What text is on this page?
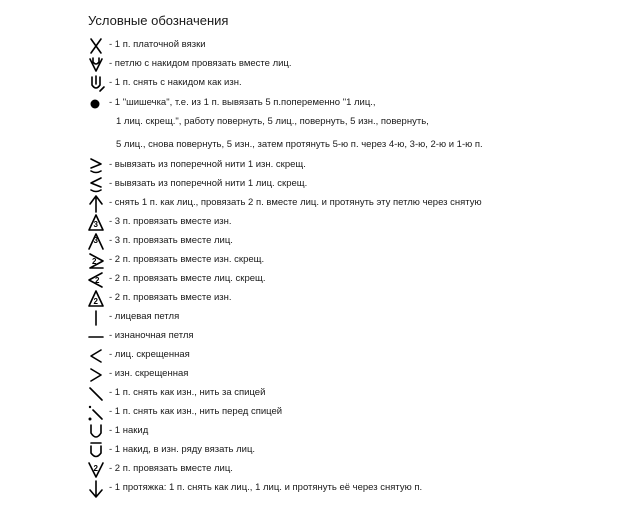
Условные обозначения
- 1 п. платочной вязки
- петлю с накидом провязать вместе лиц.
- 1 п. снять с накидом как изн.
- 1 "шишечка", т.е. из 1 п. вывязать 5 п.попеременно "1 лиц.,
1 лиц. скрещ.", работу повернуть, 5 лиц., повернуть, 5 изн., повернуть,
5 лиц., снова повернуть, 5 изн., затем протянуть 5-ю п. через 4-ю, 3-ю, 2-ю и 1-ю п.
- вывязать из поперечной нити 1 изн. скрещ.
- вывязать из поперечной нити 1 лиц. скрещ.
- снять 1 п. как лиц., провязать 2 п. вместе лиц. и протянуть эту петлю через снятую
3 - 3 п. провязать вместе изн.
3 - 3 п. провязать вместе лиц.
2 - 2 п. провязать вместе изн. скрещ.
2 - 2 п. провязать вместе лиц. скрещ.
2 - 2 п. провязать вместе изн.
- лицевая петля
- изнаночная петля
- лиц. скрещенная
- изн. скрещенная
- 1 п. снять как изн., нить за спицей
- 1 п. снять как изн., нить перед спицей
- 1 накид
- 1 накид, в изн. ряду вязать лиц.
2 - 2 п. провязать вместе лиц.
- 1 протяжка: 1 п. снять как лиц., 1 лиц. и протянуть её через снятую п.
